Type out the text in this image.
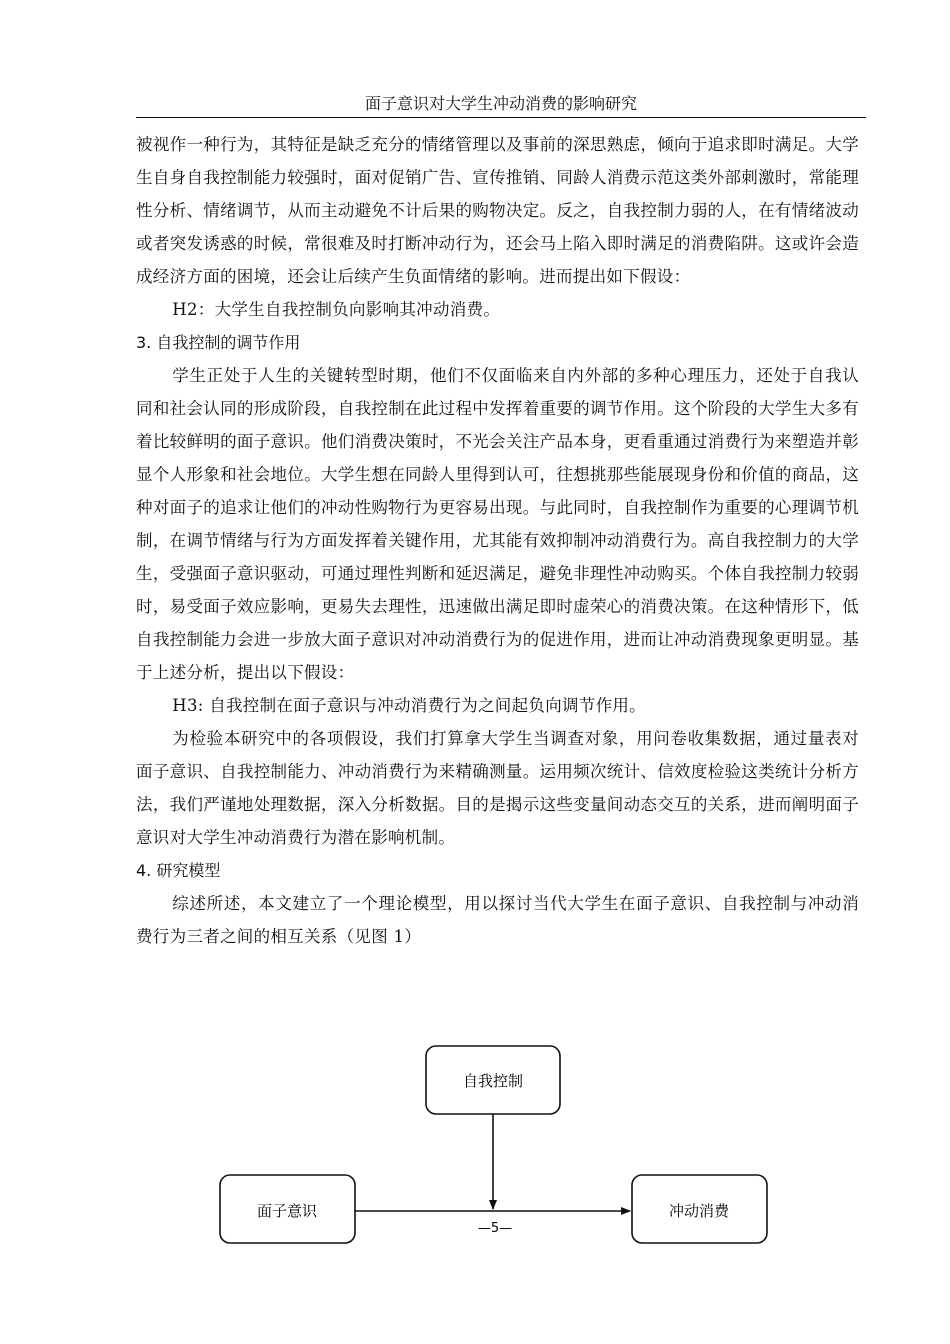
面子意识对大学生冲动消费的影响研究

被视作一种行为，其特征是缺乏充分的情绪管理以及事前的深思熟虑，倾向于追求即时满足。大学生自身自我控制能力较强时，面对促销广告、宣传推销、同龄人消费示范这类外部刺激时，常能理性分析、情绪调节，从而主动避免不计后果的购物决定。反之，自我控制力弱的人，在有情绪波动或者突发诱惑的时候，常很难及时打断冲动行为，还会马上陷入即时满足的消费陷阱。这或许会造成经济方面的困境，还会让后续产生负面情绪的影响。进而提出如下假设：

H2：大学生自我控制负向影响其冲动消费。

3. 自我控制的调节作用

学生正处于人生的关键转型时期，他们不仅面临来自内外部的多种心理压力，还处于自我认同和社会认同的形成阶段，自我控制在此过程中发挥着重要的调节作用。这个阶段的大学生大多有着比较鲜明的面子意识。他们消费决策时，不光会关注产品本身，更看重通过消费行为来塑造并彰显个人形象和社会地位。大学生想在同龄人里得到认可，往想挑那些能展现身份和价值的商品，这种对面子的追求让他们的冲动性购物行为更容易出现。与此同时，自我控制作为重要的心理调节机制，在调节情绪与行为方面发挥着关键作用，尤其能有效抑制冲动消费行为。高自我控制力的大学生，受强面子意识驱动，可通过理性判断和延迟满足，避免非理性冲动购买。个体自我控制力较弱时，易受面子效应影响，更易失去理性，迅速做出满足即时虚荣心的消费决策。在这种情形下，低自我控制能力会进一步放大面子意识对冲动消费行为的促进作用，进而让冲动消费现象更明显。基于上述分析，提出以下假设：

H3: 自我控制在面子意识与冲动消费行为之间起负向调节作用。

为检验本研究中的各项假设，我们打算拿大学生当调查对象，用问卷收集数据，通过量表对面子意识、自我控制能力、冲动消费行为来精确测量。运用频次统计、信效度检验这类统计分析方法，我们严谨地处理数据，深入分析数据。目的是揭示这些变量间动态交互的关系，进而阐明面子意识对大学生冲动消费行为潜在影响机制。

4. 研究模型

综述所述，本文建立了一个理论模型，用以探讨当代大学生在面子意识、自我控制与冲动消费行为三者之间的相互关系（见图 1）

自我控制
面子意识	冲动消费
—5—
